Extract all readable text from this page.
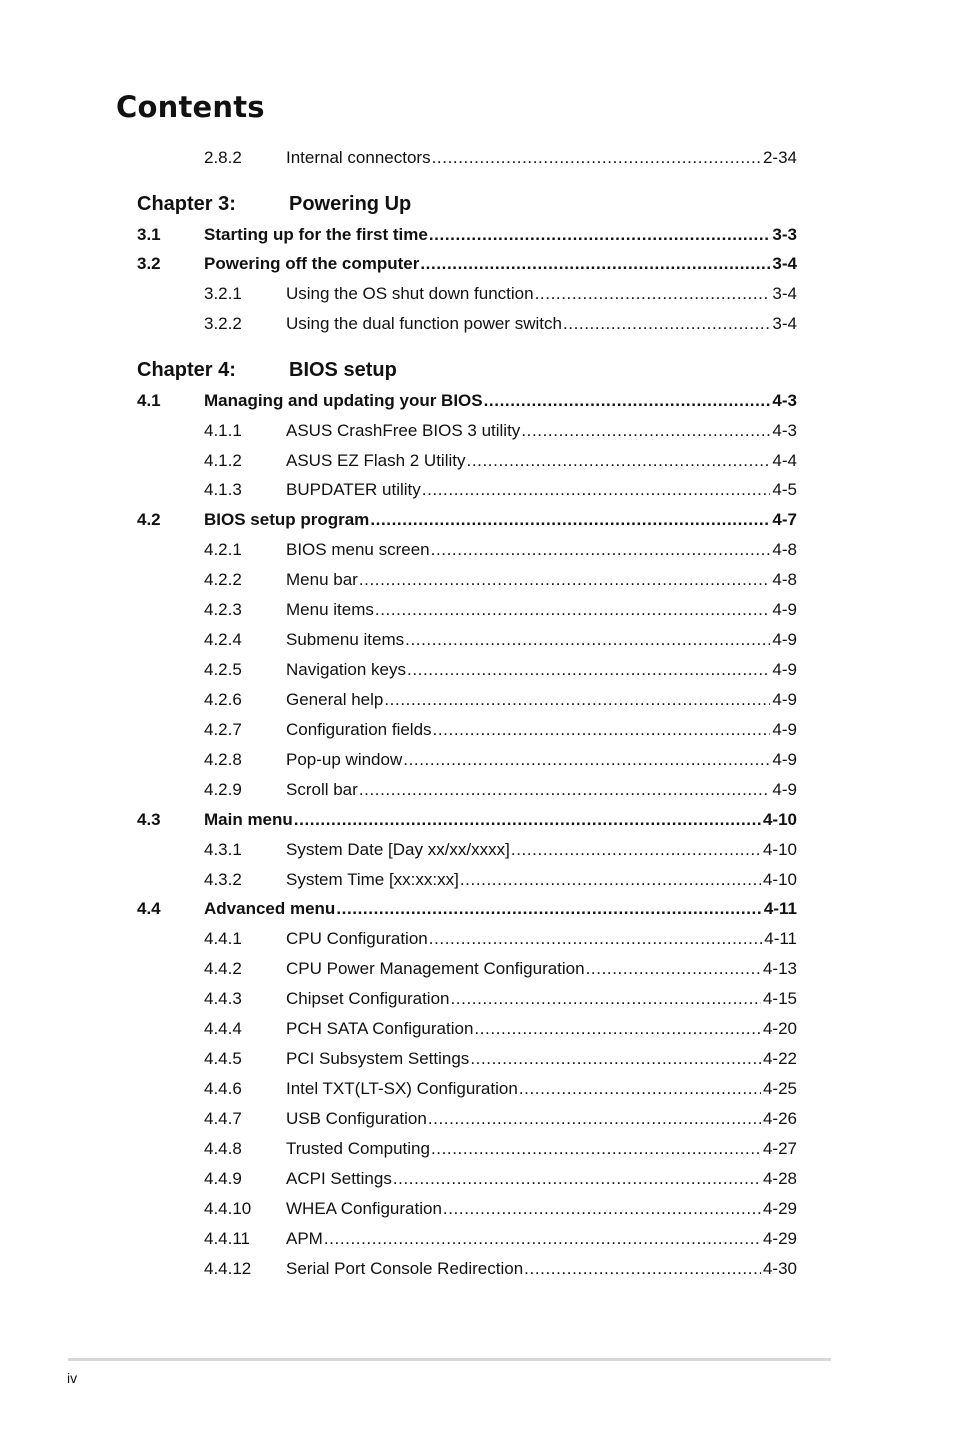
Contents
2.8.2	Internal connectors .....	2-34
Chapter 3:	Powering Up
3.1	Starting up for the first time .....	3-3
3.2	Powering off the computer .....	3-4
3.2.1	Using the OS shut down function .....	3-4
3.2.2	Using the dual function power switch .....	3-4
Chapter 4:	BIOS setup
4.1	Managing and updating your BIOS .....	4-3
4.1.1	ASUS CrashFree BIOS 3 utility .....	4-3
4.1.2	ASUS EZ Flash 2 Utility .....	4-4
4.1.3	BUPDATER utility .....	4-5
4.2	BIOS setup program .....	4-7
4.2.1	BIOS menu screen .....	4-8
4.2.2	Menu bar .....	4-8
4.2.3	Menu items .....	4-9
4.2.4	Submenu items .....	4-9
4.2.5	Navigation keys .....	4-9
4.2.6	General help .....	4-9
4.2.7	Configuration fields .....	4-9
4.2.8	Pop-up window .....	4-9
4.2.9	Scroll bar .....	4-9
4.3	Main menu .....	4-10
4.3.1	System Date [Day xx/xx/xxxx] .....	4-10
4.3.2	System Time [xx:xx:xx] .....	4-10
4.4	Advanced menu .....	4-11
4.4.1	CPU Configuration .....	4-11
4.4.2	CPU Power Management Configuration .....	4-13
4.4.3	Chipset Configuration .....	4-15
4.4.4	PCH SATA Configuration .....	4-20
4.4.5	PCI Subsystem Settings .....	4-22
4.4.6	Intel TXT(LT-SX) Configuration .....	4-25
4.4.7	USB Configuration .....	4-26
4.4.8	Trusted Computing .....	4-27
4.4.9	ACPI Settings .....	4-28
4.4.10 WHEA Configuration .....	4-29
4.4.11 APM .....	4-29
4.4.12 Serial Port Console Redirection .....	4-30
iv
